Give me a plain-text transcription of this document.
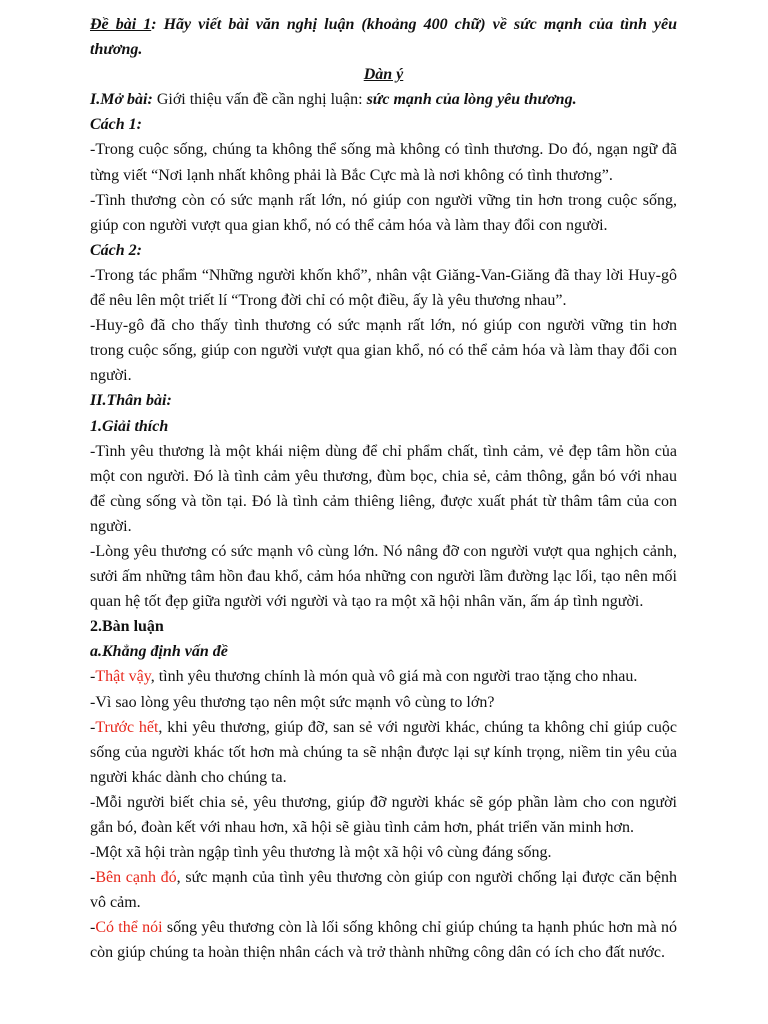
Đề bài 1: Hãy viết bài văn nghị luận (khoảng 400 chữ) về sức mạnh của tình yêu thương.

Dàn ý

I.Mở bài: Giới thiệu vấn đề cần nghị luận: sức mạnh của lòng yêu thương.

Cách 1:

-Trong cuộc sống, chúng ta không thể sống mà không có tình thương. Do đó, ngạn ngữ đã từng viết “Nơi lạnh nhất không phải là Bắc Cực mà là nơi không có tình thương”.

-Tình thương còn có sức mạnh rất lớn, nó giúp con người vững tin hơn trong cuộc sống, giúp con người vượt qua gian khổ, nó có thể cảm hóa và làm thay đổi con người.

Cách 2:

-Trong tác phẩm “Những người khốn khổ”, nhân vật Giăng-Van-Giăng đã thay lời Huy-gô để nêu lên một triết lí “Trong đời chỉ có một điều, ấy là yêu thương nhau”.

-Huy-gô đã cho thấy tình thương có sức mạnh rất lớn, nó giúp con người vững tin hơn trong cuộc sống, giúp con người vượt qua gian khổ, nó có thể cảm hóa và làm thay đổi con người.

II.Thân bài:

1.Giải thích

-Tình yêu thương là một khái niệm dùng để chỉ phẩm chất, tình cảm, vẻ đẹp tâm hồn của một con người. Đó là tình cảm yêu thương, đùm bọc, chia sẻ, cảm thông, gắn bó với nhau để cùng sống và tồn tại. Đó là tình cảm thiêng liêng, được xuất phát từ thâm tâm của con người.

-Lòng yêu thương có sức mạnh vô cùng lớn. Nó nâng đỡ con người vượt qua nghịch cảnh, sưởi ấm những tâm hồn đau khổ, cảm hóa những con người lầm đường lạc lối, tạo nên mối quan hệ tốt đẹp giữa người với người và tạo ra một xã hội nhân văn, ấm áp tình người.

2.Bàn luận

a.Khẳng định vấn đề

-Thật vậy, tình yêu thương chính là món quà vô giá mà con người trao tặng cho nhau.

-Vì sao lòng yêu thương tạo nên một sức mạnh vô cùng to lớn?

-Trước hết, khi yêu thương, giúp đỡ, san sẻ với người khác, chúng ta không chỉ giúp cuộc sống của người khác tốt hơn mà chúng ta sẽ nhận được lại sự kính trọng, niềm tin yêu của người khác dành cho chúng ta.

-Mỗi người biết chia sẻ, yêu thương, giúp đỡ người khác sẽ góp phần làm cho con người gắn bó, đoàn kết với nhau hơn, xã hội sẽ giàu tình cảm hơn, phát triển văn minh hơn.

-Một xã hội tràn ngập tình yêu thương là một xã hội vô cùng đáng sống.

-Bên cạnh đó, sức mạnh của tình yêu thương còn giúp con người chống lại được căn bệnh vô cảm.

-Có thể nói sống yêu thương còn là lối sống không chỉ giúp chúng ta hạnh phúc hơn mà nó còn giúp chúng ta hoàn thiện nhân cách và trở thành những công dân có ích cho đất nước.
